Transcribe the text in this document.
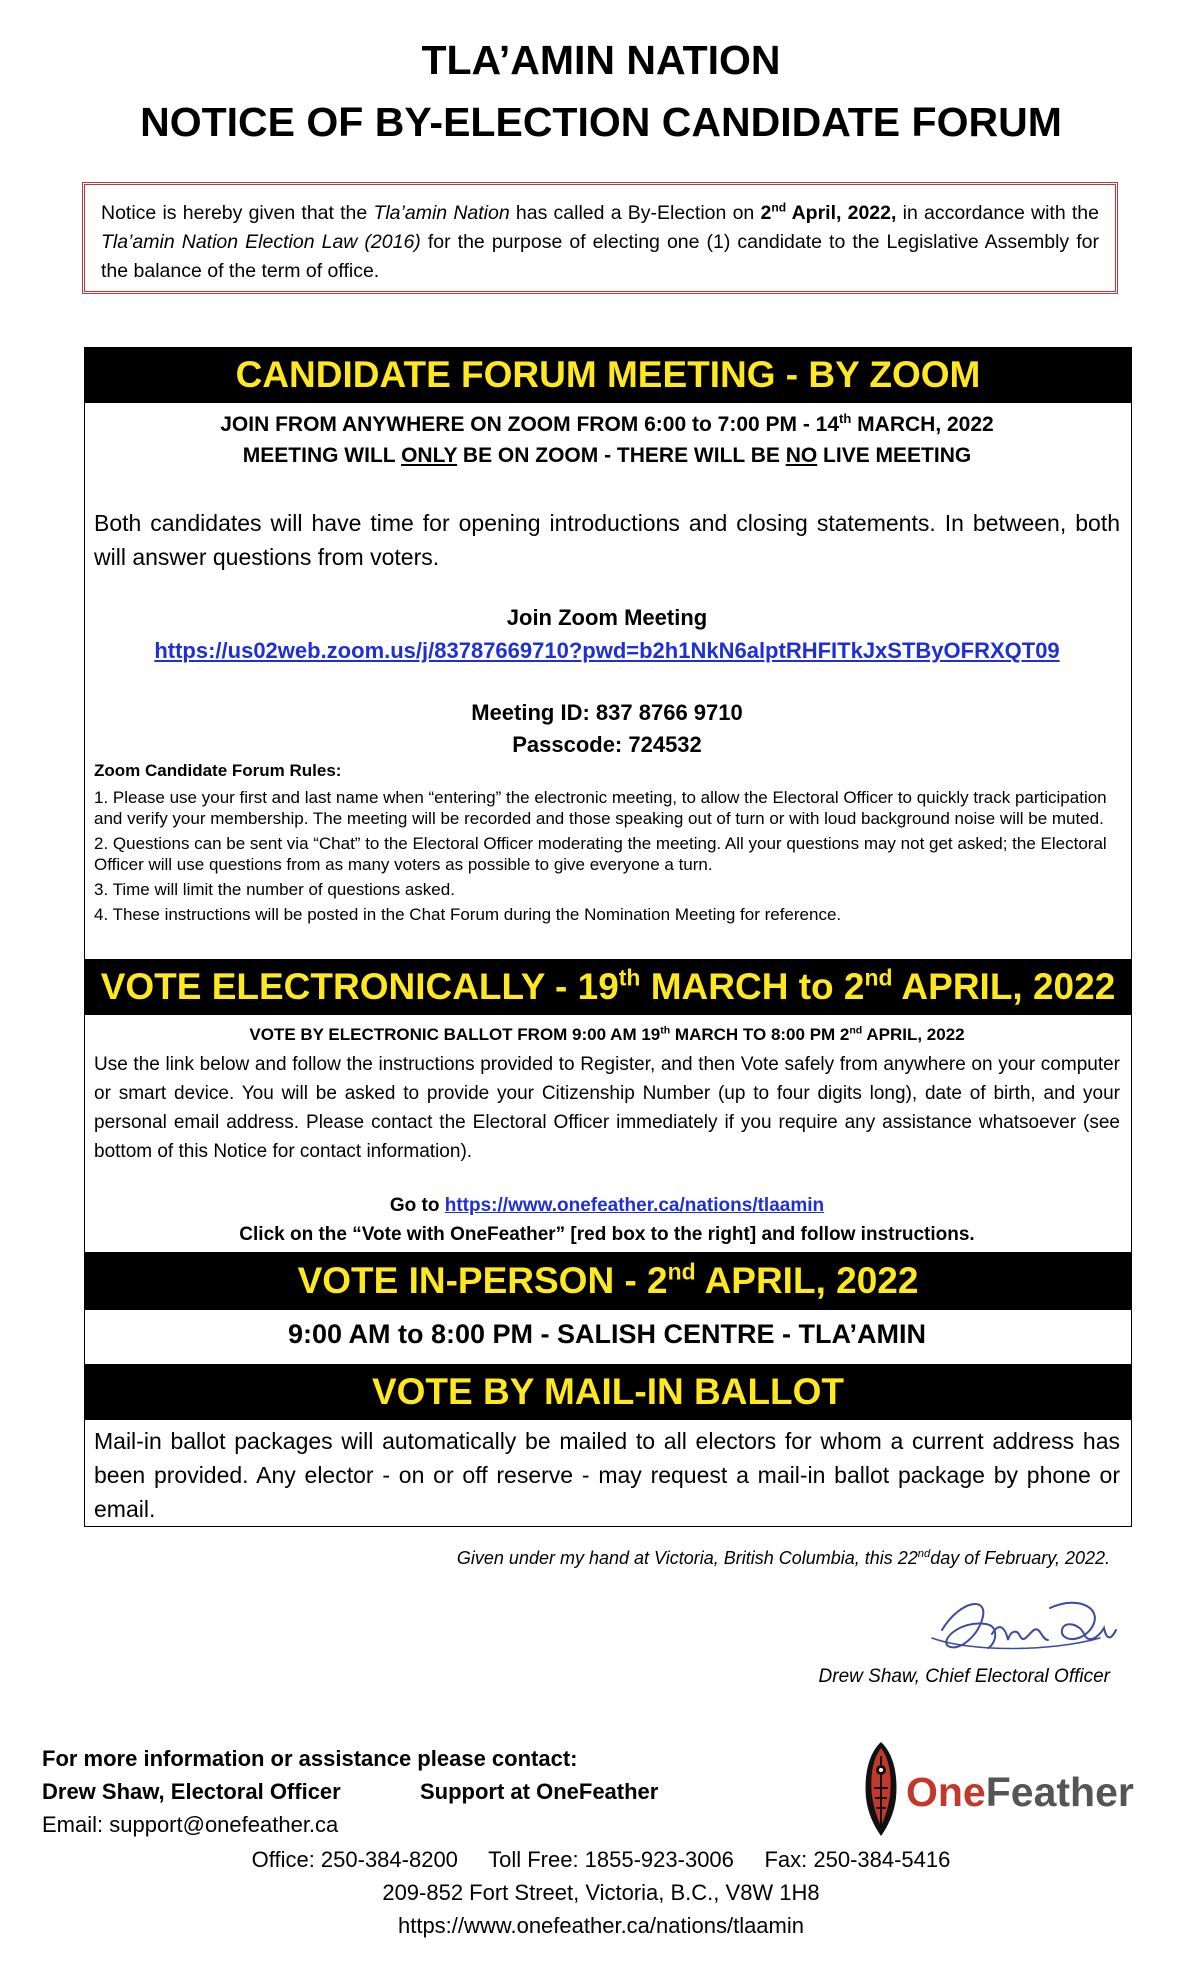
TLA’AMIN NATION
NOTICE OF BY-ELECTION CANDIDATE FORUM
Notice is hereby given that the Tla’amin Nation has called a By-Election on 2nd April, 2022, in accordance with the Tla’amin Nation Election Law (2016) for the purpose of electing one (1) candidate to the Legislative Assembly for the balance of the term of office.
CANDIDATE FORUM MEETING - BY ZOOM
JOIN FROM ANYWHERE ON ZOOM FROM 6:00 to 7:00 PM - 14th MARCH, 2022
MEETING WILL ONLY BE ON ZOOM - THERE WILL BE NO LIVE MEETING
Both candidates will have time for opening introductions and closing statements. In between, both will answer questions from voters.
Join Zoom Meeting
https://us02web.zoom.us/j/83787669710?pwd=b2h1NkN6alptRHFITkJxSTByOFRXQT09
Meeting ID: 837 8766 9710
Passcode: 724532
Zoom Candidate Forum Rules:
1. Please use your first and last name when “entering” the electronic meeting, to allow the Electoral Officer to quickly track participation and verify your membership. The meeting will be recorded and those speaking out of turn or with loud background noise will be muted.
2. Questions can be sent via “Chat” to the Electoral Officer moderating the meeting. All your questions may not get asked; the Electoral Officer will use questions from as many voters as possible to give everyone a turn.
3. Time will limit the number of questions asked.
4. These instructions will be posted in the Chat Forum during the Nomination Meeting for reference.
VOTE ELECTRONICALLY - 19th MARCH to 2nd APRIL, 2022
VOTE BY ELECTRONIC BALLOT FROM 9:00 AM 19th MARCH TO 8:00 PM 2nd APRIL, 2022
Use the link below and follow the instructions provided to Register, and then Vote safely from anywhere on your computer or smart device. You will be asked to provide your Citizenship Number (up to four digits long), date of birth, and your personal email address. Please contact the Electoral Officer immediately if you require any assistance whatsoever (see bottom of this Notice for contact information).
Go to https://www.onefeather.ca/nations/tlaamin
Click on the “Vote with OneFeather” [red box to the right] and follow instructions.
VOTE IN-PERSON - 2nd APRIL, 2022
9:00 AM to 8:00 PM - SALISH CENTRE - TLA’AMIN
VOTE BY MAIL-IN BALLOT
Mail-in ballot packages will automatically be mailed to all electors for whom a current address has been provided. Any elector - on or off reserve - may request a mail-in ballot package by phone or email.
Given under my hand at Victoria, British Columbia, this 22ndday of February, 2022.
Drew Shaw, Chief Electoral Officer
For more information or assistance please contact:
Drew Shaw, Electoral Officer	Support at OneFeather
Email: support@onefeather.ca
OneFeather
Office: 250-384-8200     Toll Free: 1855-923-3006     Fax: 250-384-5416
209-852 Fort Street, Victoria, B.C., V8W 1H8
https://www.onefeather.ca/nations/tlaamin
